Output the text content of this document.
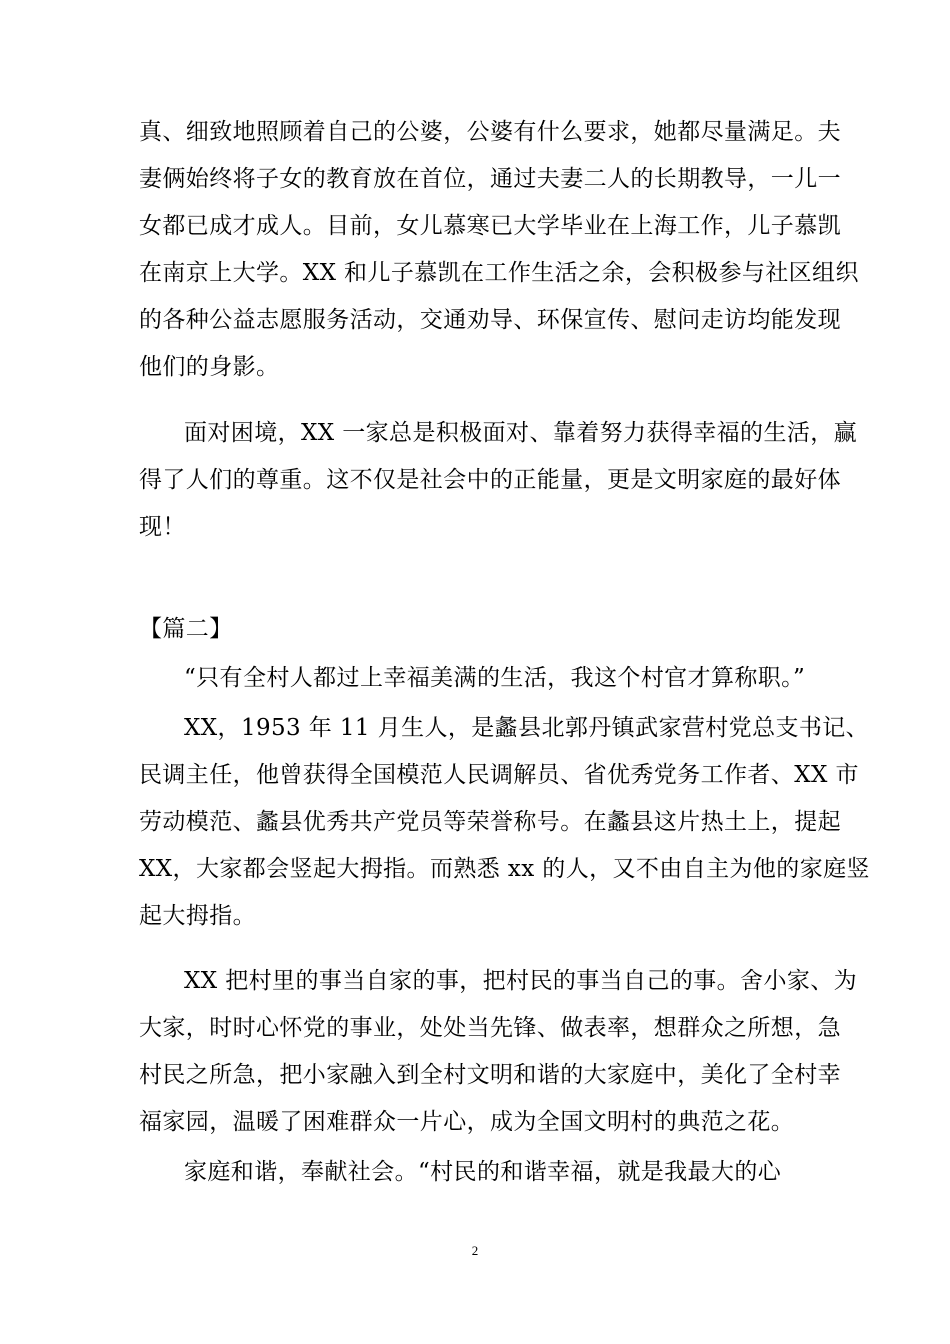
真、细致地照顾着自己的公婆，公婆有什么要求，她都尽量满足。夫
妻俩始终将子女的教育放在首位，通过夫妻二人的长期教导，一儿一
女都已成才成人。目前，女儿慕寒已大学毕业在上海工作，儿子慕凯
在南京上大学。XX 和儿子慕凯在工作生活之余，会积极参与社区组织
的各种公益志愿服务活动，交通劝导、环保宣传、慰问走访均能发现
他们的身影。
面对困境，XX 一家总是积极面对、靠着努力获得幸福的生活，赢
得了人们的尊重。这不仅是社会中的正能量，更是文明家庭的最好体
现！
【篇二】
“只有全村人都过上幸福美满的生活，我这个村官才算称职。”
XX，1953 年 11 月生人，是蠡县北郭丹镇武家营村党总支书记、
民调主任，他曾获得全国模范人民调解员、省优秀党务工作者、XX 市
劳动模范、蠡县优秀共产党员等荣誉称号。在蠡县这片热土上，提起
XX，大家都会竖起大拇指。而熟悉 xx 的人，又不由自主为他的家庭竖
起大拇指。
XX 把村里的事当自家的事，把村民的事当自己的事。舍小家、为
大家，时时心怀党的事业，处处当先锋、做表率，想群众之所想，急
村民之所急，把小家融入到全村文明和谐的大家庭中，美化了全村幸
福家园，温暖了困难群众一片心，成为全国文明村的典范之花。
家庭和谐，奉献社会。“村民的和谐幸福，就是我最大的心
2
